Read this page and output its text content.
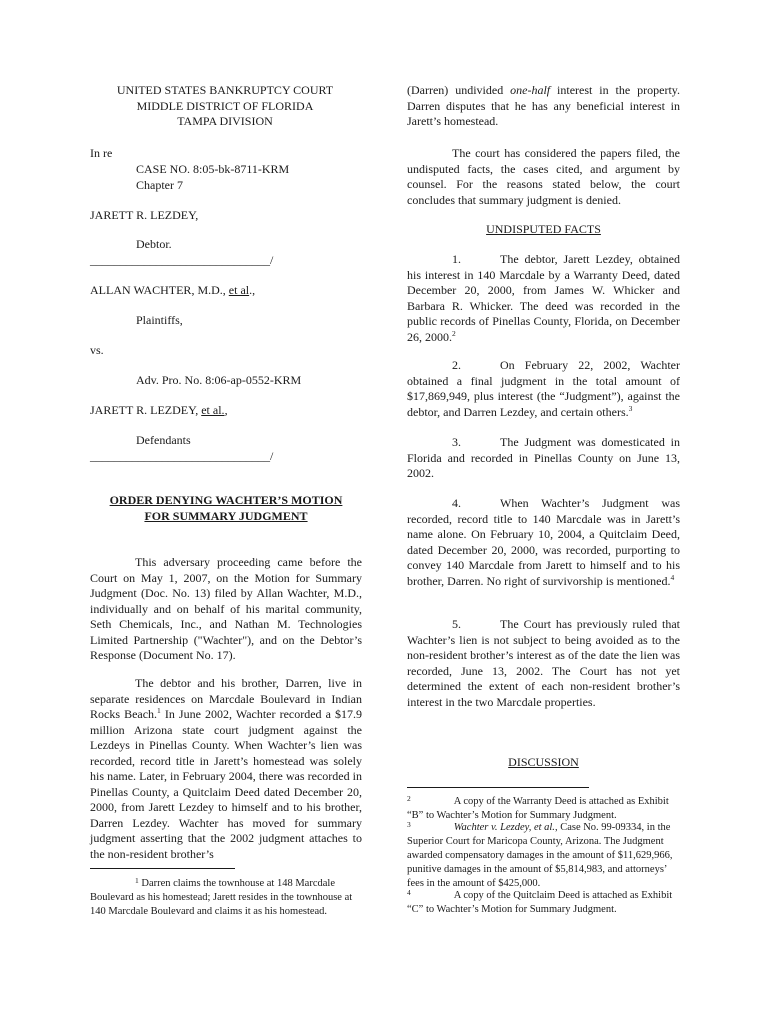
UNITED STATES BANKRUPTCY COURT
MIDDLE DISTRICT OF FLORIDA
TAMPA DIVISION
In re
CASE NO. 8:05-bk-8711-KRM
Chapter 7
JARETT R. LEZDEY,
Debtor.
______________________________/
ALLAN WACHTER, M.D., et al.,
Plaintiffs,
vs.
Adv. Pro. No. 8:06-ap-0552-KRM
JARETT R. LEZDEY, et al.,
Defendants
______________________________/
ORDER DENYING WACHTER’S MOTION
FOR SUMMARY JUDGMENT
This adversary proceeding came before the Court on May 1, 2007, on the Motion for Summary Judgment (Doc. No. 13) filed by Allan Wachter, M.D., individually and on behalf of his marital community, Seth Chemicals, Inc., and Nathan M. Technologies Limited Partnership ("Wachter"), and on the Debtor’s Response (Document No. 17).
The debtor and his brother, Darren, live in separate residences on Marcdale Boulevard in Indian Rocks Beach.$^1$ In June 2002, Wachter recorded a $17.9 million Arizona state court judgment against the Lezdeys in Pinellas County. When Wachter’s lien was recorded, record title in Jarett’s homestead was solely his name. Later, in February 2004, there was recorded in Pinellas County, a Quitclaim Deed dated December 20, 2000, from Jarett Lezdey to himself and to his brother, Darren Lezdey. Wachter has moved for summary judgment asserting that the 2002 judgment attaches to the non-resident brother’s
$^1$ Darren claims the townhouse at 148 Marcdale Boulevard as his homestead; Jarett resides in the townhouse at 140 Marcdale Boulevard and claims it as his homestead.
(Darren) undivided one-half interest in the property. Darren disputes that he has any beneficial interest in Jarett’s homestead.
The court has considered the papers filed, the undisputed facts, the cases cited, and argument by counsel. For the reasons stated below, the court concludes that summary judgment is denied.
UNDISPUTED FACTS
1.	The debtor, Jarett Lezdey, obtained his interest in 140 Marcdale by a Warranty Deed, dated December 20, 2000, from James W. Whicker and Barbara R. Whicker. The deed was recorded in the public records of Pinellas County, Florida, on December 26, 2000.$^2$
2.	On February 22, 2002, Wachter obtained a final judgment in the total amount of $17,869,949, plus interest (the “Judgment”), against the debtor, and Darren Lezdey, and certain others.$^3$
3.	The Judgment was domesticated in Florida and recorded in Pinellas County on June 13, 2002.
4.	When Wachter’s Judgment was recorded, record title to 140 Marcdale was in Jarett’s name alone. On February 10, 2004, a Quitclaim Deed, dated December 20, 2000, was recorded, purporting to convey 140 Marcdale from Jarett to himself and to his brother, Darren. No right of survivorship is mentioned.$^4$
5.	The Court has previously ruled that Wachter’s lien is not subject to being avoided as to the non-resident brother’s interest as of the date the lien was recorded, June 13, 2002. The Court has not yet determined the extent of each non-resident brother’s interest in the two Marcdale properties.
DISCUSSION
$^2$	A copy of the Warranty Deed is attached as Exhibit “B” to Wachter’s Motion for Summary Judgment.
$^3$	Wachter v. Lezdey, et al., Case No. 99-09334, in the Superior Court for Maricopa County, Arizona. The Judgment awarded compensatory damages in the amount of $11,629,966, punitive damages in the amount of $5,814,983, and attorneys’ fees in the amount of $425,000.
$^4$	A copy of the Quitclaim Deed is attached as Exhibit “C” to Wachter’s Motion for Summary Judgment.
